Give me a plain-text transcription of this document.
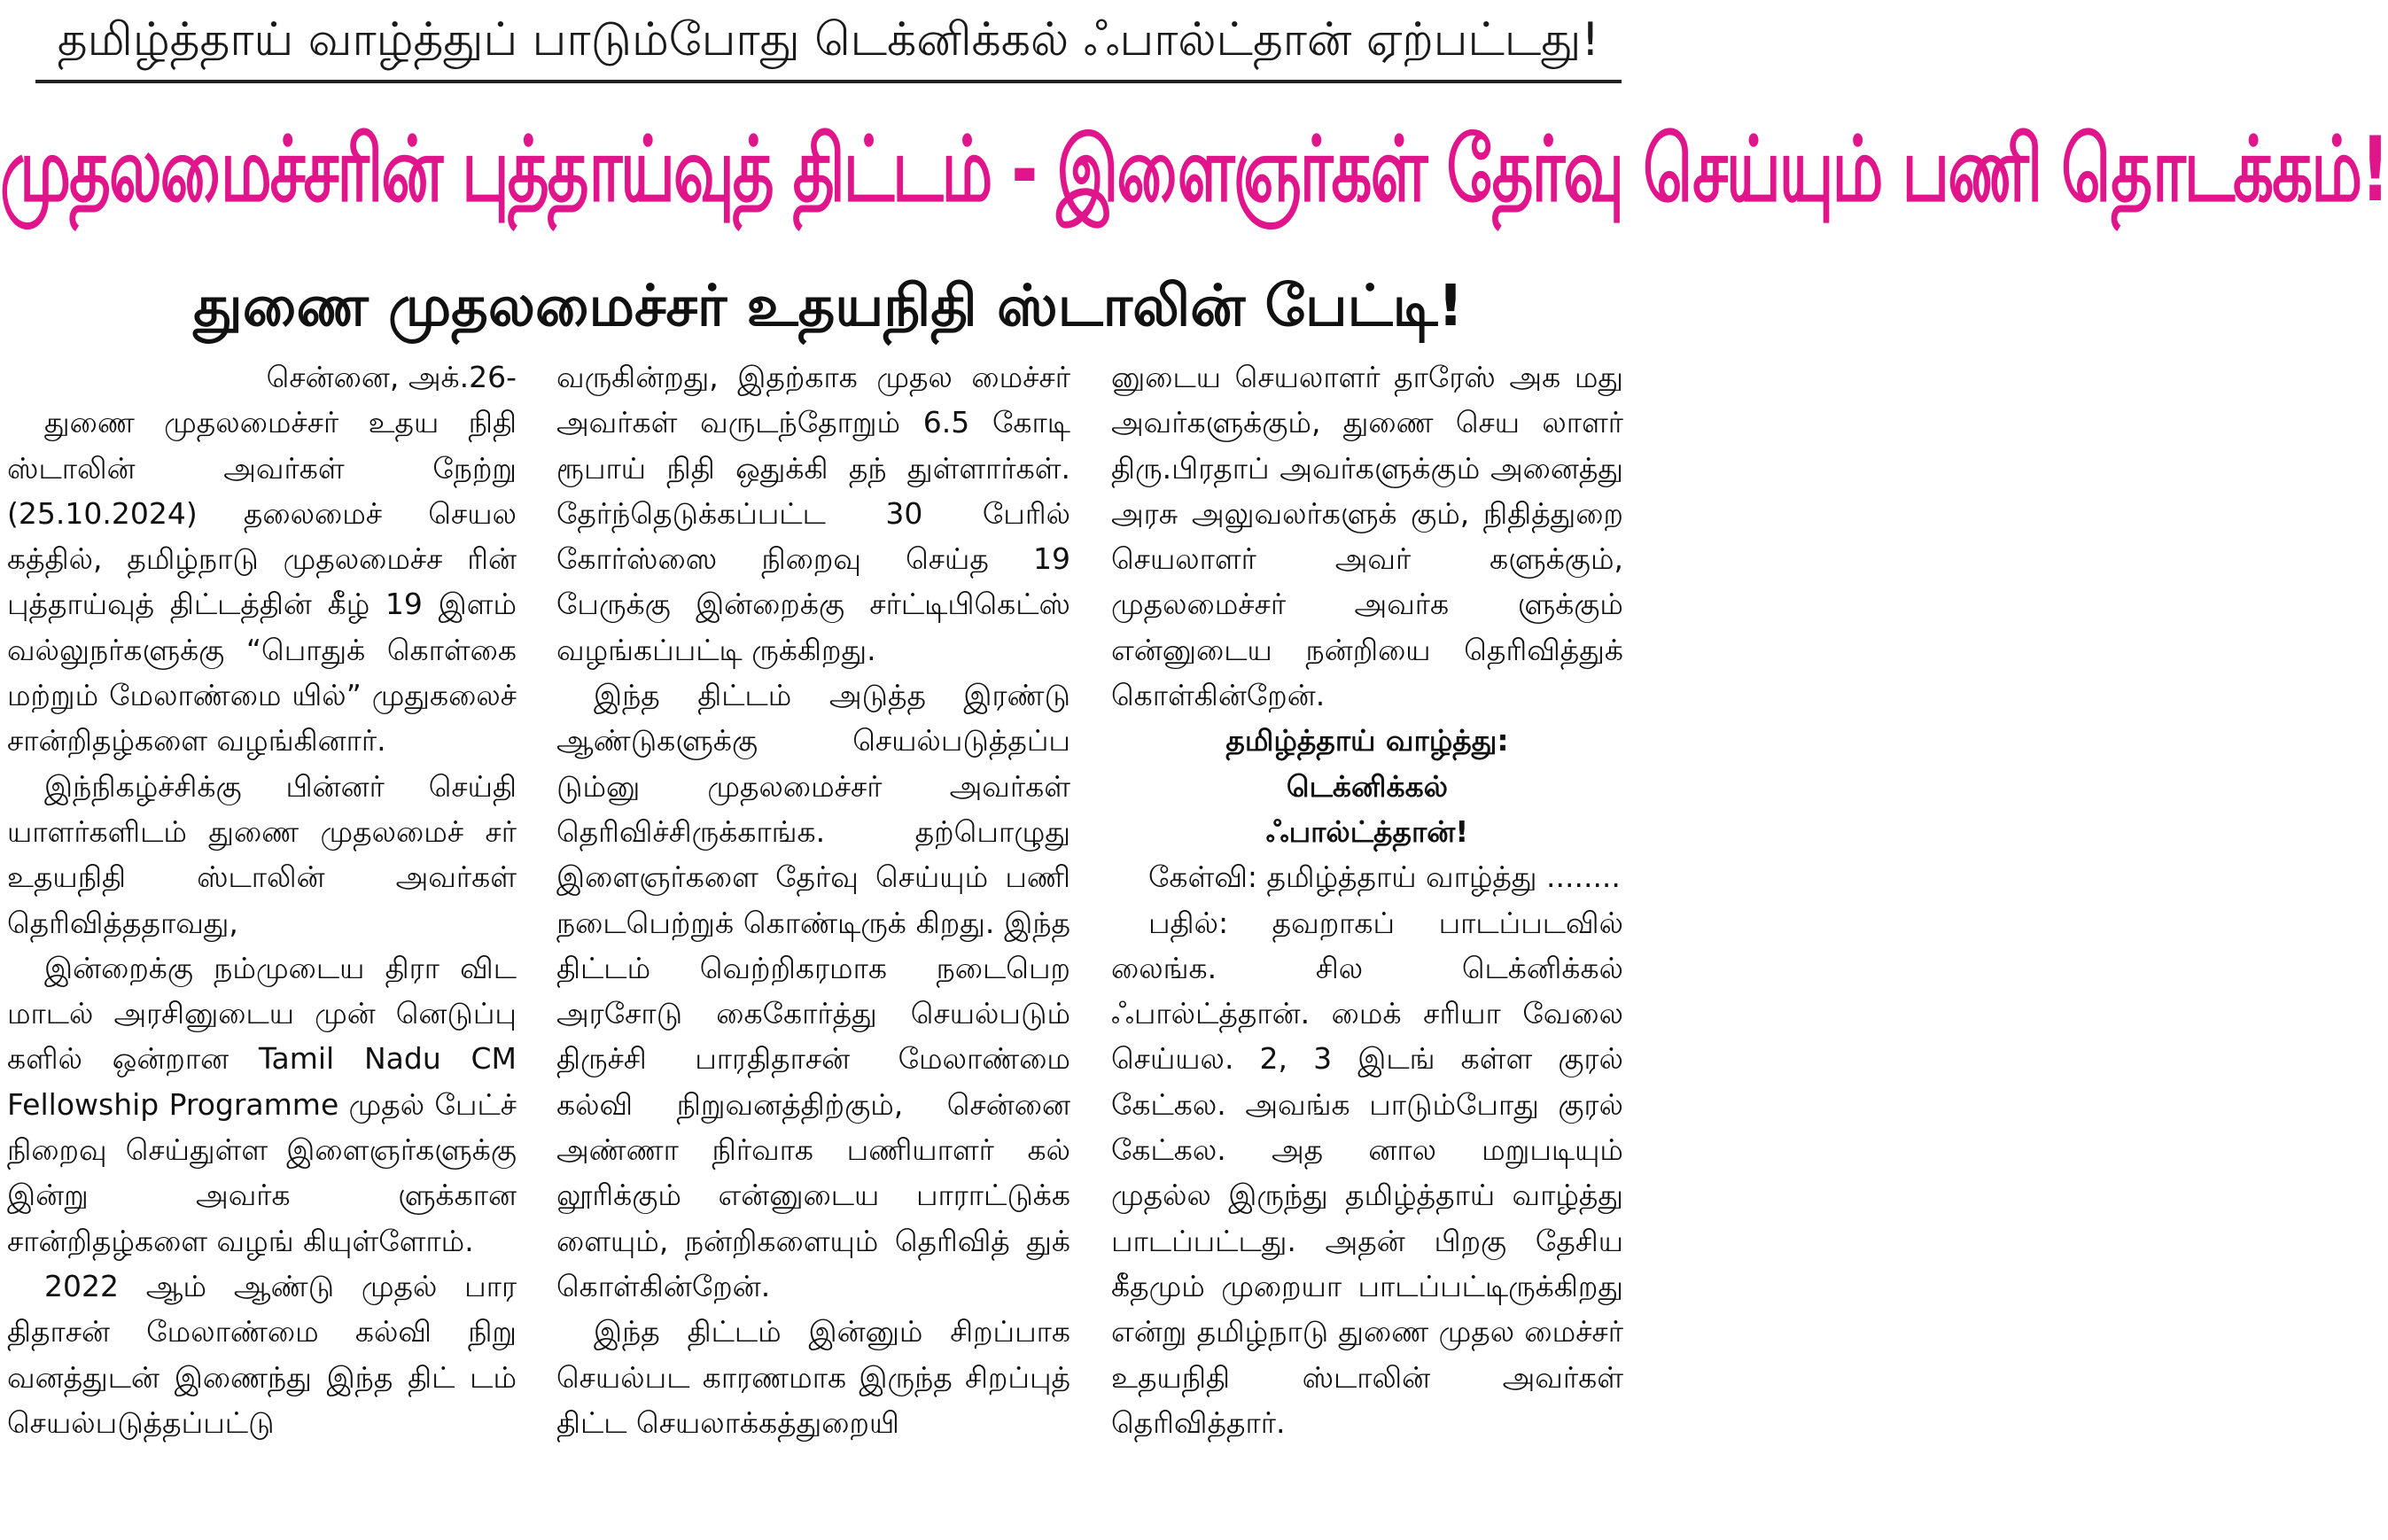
தமிழ்த்தாய் வாழ்த்துப் பாடும்போது டெக்னிக்கல் ஃபால்ட்தான் ஏற்பட்டது!
முதலமைச்சரின் புத்தாய்வுத் திட்டம் - இளைஞர்கள் தேர்வு செய்யும் பணி தொடக்கம்!
துணை முதலமைச்சர் உதயநிதி ஸ்டாலின் பேட்டி!

சென்னை, அக்.26-

துணை முதலமைச்சர் உதய நிதி ஸ்டாலின் அவர்கள் நேற்று (25.10.2024) தலைமைச் செயல கத்தில், தமிழ்நாடு முதலமைச்ச ரின் புத்தாய்வுத் திட்டத்தின் கீழ் 19 இளம் வல்லுநர்களுக்கு “பொதுக் கொள்கை மற்றும் மேலாண்மை யில்” முதுகலைச் சான்றிதழ்களை வழங்கினார்.

இந்நிகழ்ச்சிக்கு பின்னர் செய்தி யாளர்களிடம் துணை முதலமைச் சர் உதயநிதி ஸ்டாலின் அவர்கள் தெரிவித்ததாவது,

இன்றைக்கு நம்முடைய திரா விட மாடல் அரசினுடைய முன் னெடுப்பு களில் ஒன்றான Tamil Nadu CM Fellowship Programme முதல் பேட்ச் நிறைவு செய்துள்ள இளைஞர்களுக்கு இன்று அவர்க ளுக்கான சான்றிதழ்களை வழங் கியுள்ளோம்.

2022 ஆம் ஆண்டு முதல் பார திதாசன் மேலாண்மை கல்வி நிறு வனத்துடன் இணைந்து இந்த திட் டம் செயல்படுத்தப்பட்டு

வருகின்றது, இதற்காக முதல மைச்சர் அவர்கள் வருடந்தோறும் 6.5 கோடி ரூபாய் நிதி ஒதுக்கி தந் துள்ளார்கள். தேர்ந்தெடுக்கப்பட்ட 30 பேரில் கோர்ஸ்ஸை நிறைவு செய்த 19 பேருக்கு இன்றைக்கு சர்ட்டிபிகெட்ஸ் வழங்கப்பட்டி ருக்கிறது.

இந்த திட்டம் அடுத்த இரண்டு ஆண்டுகளுக்கு செயல்படுத்தப்ப டும்னு முதலமைச்சர் அவர்கள் தெரிவிச்சிருக்காங்க. தற்பொழுது இளைஞர்களை தேர்வு செய்யும் பணி நடைபெற்றுக் கொண்டிருக் கிறது. இந்த திட்டம் வெற்றிகரமாக நடைபெற அரசோடு கைகோர்த்து செயல்படும் திருச்சி பாரதிதாசன் மேலாண்மை கல்வி நிறுவனத்திற்கும், சென்னை அண்ணா நிர்வாக பணியாளர் கல் லூரிக்கும் என்னுடைய பாராட்டுக்க ளையும், நன்றிகளையும் தெரிவித் துக் கொள்கின்றேன்.

இந்த திட்டம் இன்னும் சிறப்பாக செயல்பட காரணமாக இருந்த சிறப்புத் திட்ட செயலாக்கத்துறையி

னுடைய செயலாளர் தாரேஸ் அக மது அவர்களுக்கும், துணை செய லாளர் திரு.பிரதாப் அவர்களுக்கும் அனைத்து அரசு அலுவலர்களுக் கும், நிதித்துறை செயலாளர் அவர் களுக்கும், முதலமைச்சர் அவர்க ளுக்கும் என்னுடைய நன்றியை தெரிவித்துக் கொள்கின்றேன்.

தமிழ்த்தாய் வாழ்த்து:

டெக்னிக்கல்

ஃபால்ட்த்தான்!

கேள்வி: தமிழ்த்தாய் வாழ்த்து ........

பதில்: தவறாகப் பாடப்படவில் லைங்க. சில டெக்னிக்கல் ஃபால்ட்த்தான். மைக் சரியா வேலை செய்யல. 2, 3 இடங் கள்ள குரல் கேட்கல. அவங்க பாடும்போது குரல் கேட்கல. அத னால மறுபடியும் முதல்ல இருந்து தமிழ்த்தாய் வாழ்த்து பாடப்பட்டது. அதன் பிறகு தேசிய கீதமும் முறையா பாடப்பட்டிருக்கிறது என்று தமிழ்நாடு துணை முதல மைச்சர் உதயநிதி ஸ்டாலின் அவர்கள் தெரிவித்தார்.
